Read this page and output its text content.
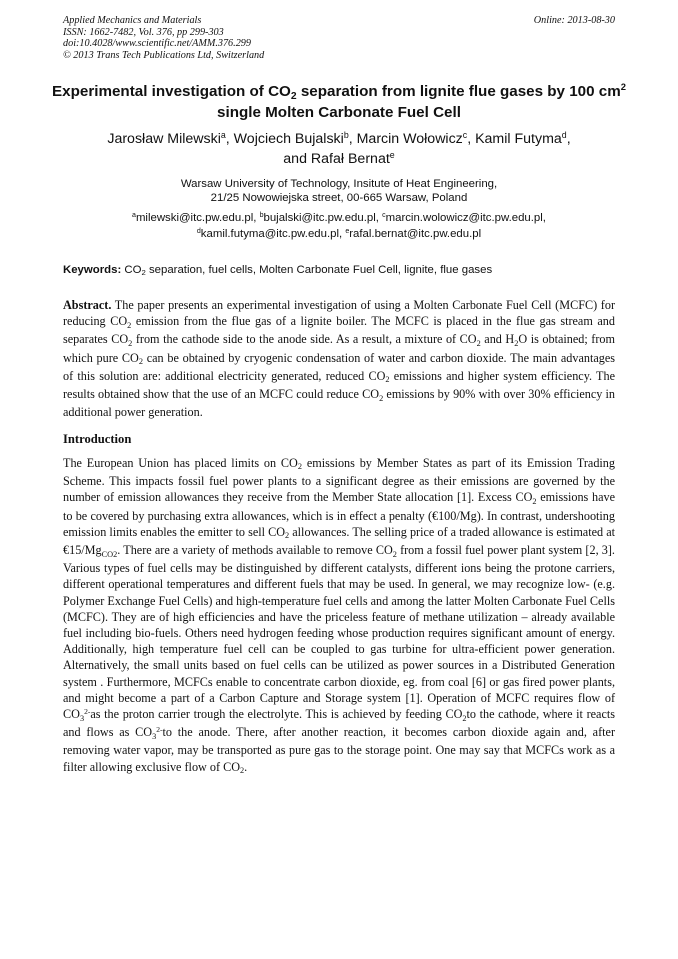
Applied Mechanics and Materials
ISSN: 1662-7482, Vol. 376, pp 299-303
doi:10.4028/www.scientific.net/AMM.376.299
© 2013 Trans Tech Publications Ltd, Switzerland
Online: 2013-08-30
Experimental investigation of $CO_2$ separation from lignite flue gases by 100 $cm^2$ single Molten Carbonate Fuel Cell
Jarosław Milewski$^a$, Wojciech Bujalski$^b$, Marcin Wołowicz$^c$, Kamil Futyma$^d$,
and Rafał Bernat$^e$
Warsaw University of Technology, Insitute of Heat Engineering,
21/25 Nowowiejska street, 00-665 Warsaw, Poland
$^a$milewski@itc.pw.edu.pl, $^b$bujalski@itc.pw.edu.pl, $^c$marcin.wolowicz@itc.pw.edu.pl,
$^d$kamil.futyma@itc.pw.edu.pl, $^e$rafal.bernat@itc.pw.edu.pl
Keywords: $CO_2$ separation, fuel cells, Molten Carbonate Fuel Cell, lignite, flue gases
Abstract. The paper presents an experimental investigation of using a Molten Carbonate Fuel Cell (MCFC) for reducing $CO_2$ emission from the flue gas of a lignite boiler. The MCFC is placed in the flue gas stream and separates $CO_2$ from the cathode side to the anode side. As a result, a mixture of $CO_2$ and $H_2O$ is obtained; from which pure $CO_2$ can be obtained by cryogenic condensation of water and carbon dioxide. The main advantages of this solution are: additional electricity generated, reduced $CO_2$ emissions and higher system efficiency. The results obtained show that the use of an MCFC could reduce $CO_2$ emissions by 90% with over 30% efficiency in additional power generation.
Introduction
The European Union has placed limits on $CO_2$ emissions by Member States as part of its Emission Trading Scheme. This impacts fossil fuel power plants to a significant degree as their emissions are governed by the number of emission allowances they receive from the Member State allocation [1]. Excess $CO_2$ emissions have to be covered by purchasing extra allowances, which is in effect a penalty (€100/Mg). In contrast, undershooting emission limits enables the emitter to sell $CO_2$ allowances. The selling price of a traded allowance is estimated at $€15/Mg_{CO2}$. There are a variety of methods available to remove $CO_2$ from a fossil fuel power plant system [2, 3]. Various types of fuel cells may be distinguished by different catalysts, different ions being the protone carriers, different operational temperatures and different fuels that may be used. In general, we may recognize low- (e.g. Polymer Exchange Fuel Cells) and high-temperature fuel cells and among the latter Molten Carbonate Fuel Cells (MCFC). They are of high efficiencies and have the priceless feature of methane utilization – already available fuel including bio-fuels. Others need hydrogen feeding whose production requires significant amount of energy. Additionally, high temperature fuel cell can be coupled to gas turbine for ultra-efficient power generation. Alternatively, the small units based on fuel cells can be utilized as power sources in a Distributed Generation system . Furthermore, MCFCs enable to concentrate carbon dioxide, eg. from coal [6] or gas fired power plants, and might become a part of a Carbon Capture and Storage system [1]. Operation of MCFC requires flow of $CO_3^{2-}as$ the proton carrier trough the electrolyte. This is achieved by feeding $CO_2to$ the cathode, where it reacts and flows as $CO_3^{2-}to$ the anode. There, after another reaction, it becomes carbon dioxide again and, after removing water vapor, may be transported as pure gas to the storage point. One may say that MCFCs work as a filter allowing exclusive flow of $CO_2$.
